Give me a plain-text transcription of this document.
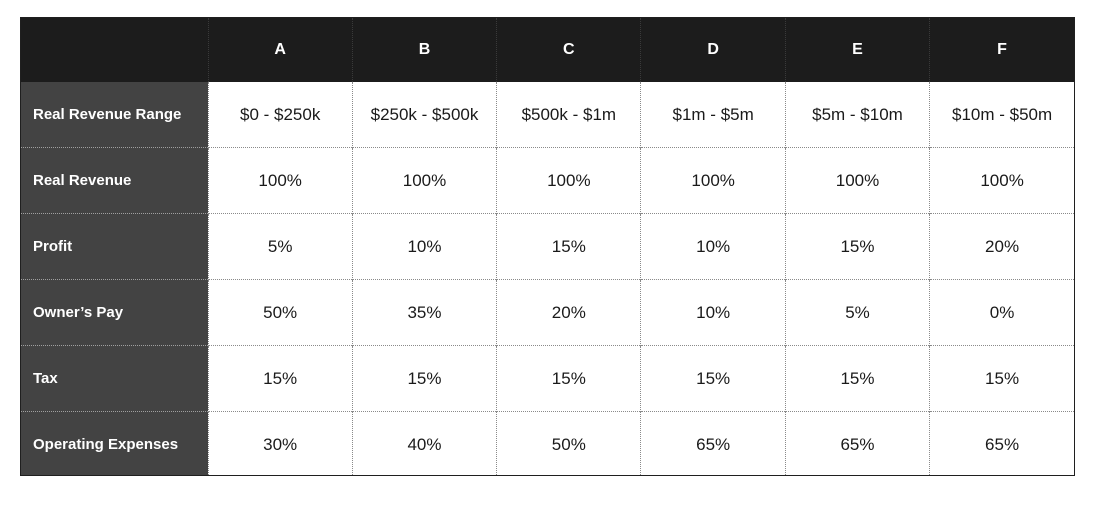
	A	B	C	D	E	F
Real Revenue Range	$0 - $250k	$250k - $500k	$500k - $1m	$1m - $5m	$5m - $10m	$10m - $50m
Real Revenue	100%	100%	100%	100%	100%	100%
Profit	5%	10%	15%	10%	15%	20%
Owner’s Pay	50%	35%	20%	10%	5%	0%
Tax	15%	15%	15%	15%	15%	15%
Operating Expenses	30%	40%	50%	65%	65%	65%
